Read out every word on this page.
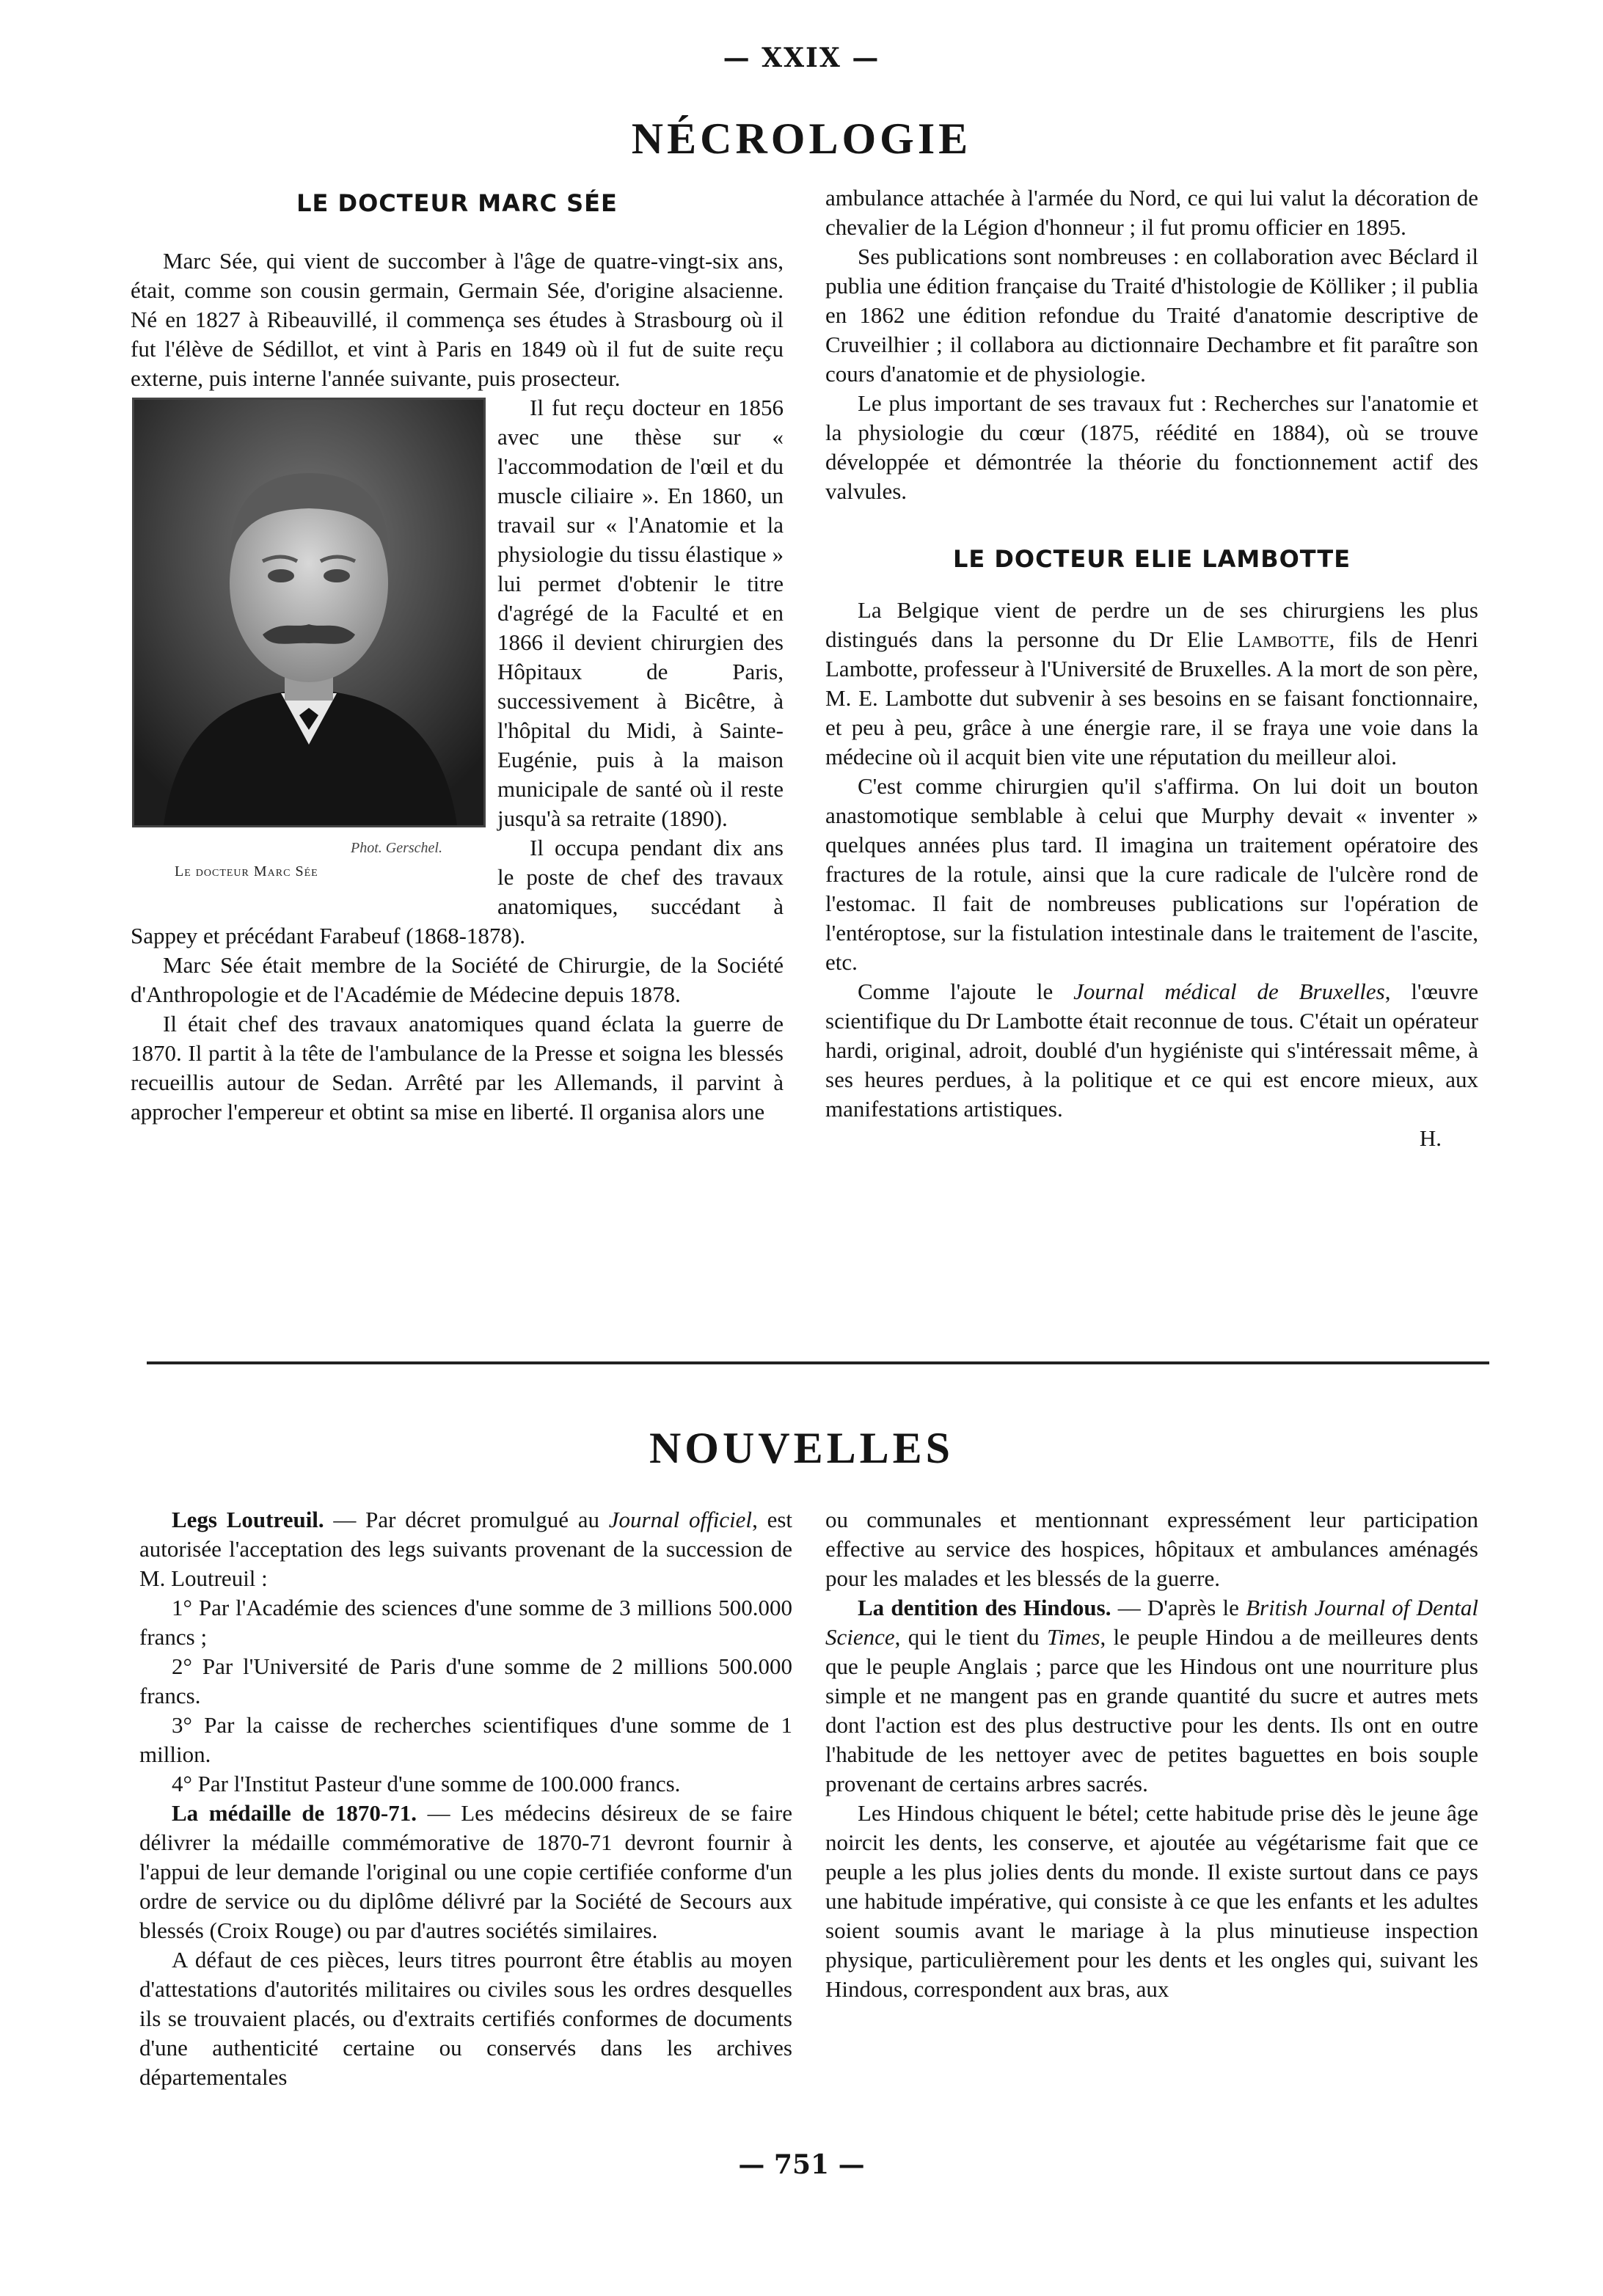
— XXIX —
NÉCROLOGIE
LE DOCTEUR MARC SÉE

Marc Sée, qui vient de succomber à l'âge de quatre-vingt-six ans, était, comme son cousin germain, Germain Sée, d'origine alsacienne. Né en 1827 à Ribeauvillé, il commença ses études à Strasbourg où il fut l'élève de Sédillot, et vint à Paris en 1849 où il fut de suite reçu externe, puis interne l'année suivante, puis prosecteur.

Phot. Gerschel.
Le docteur Marc Sée

Il fut reçu docteur en 1856 avec une thèse sur « l'accommodation de l'œil et du muscle ciliaire ». En 1860, un travail sur « l'Anatomie et la physiologie du tissu élastique » lui permet d'obtenir le titre d'agrégé de la Faculté et en 1866 il devient chirurgien des Hôpitaux de Paris, successivement à Bicêtre, à l'hôpital du Midi, à Sainte-Eugénie, puis à la maison municipale de santé où il reste jusqu'à sa retraite (1890).

Il occupa pendant dix ans le poste de chef des travaux anatomiques, succédant à Sappey et précédant Farabeuf (1868-1878).

Marc Sée était membre de la Société de Chirurgie, de la Société d'Anthropologie et de l'Académie de Médecine depuis 1878.

Il était chef des travaux anatomiques quand éclata la guerre de 1870. Il partit à la tête de l'ambulance de la Presse et soigna les blessés recueillis autour de Sedan. Arrêté par les Allemands, il parvint à approcher l'empereur et obtint sa mise en liberté. Il organisa alors une

ambulance attachée à l'armée du Nord, ce qui lui valut la décoration de chevalier de la Légion d'honneur ; il fut promu officier en 1895.

Ses publications sont nombreuses : en collaboration avec Béclard il publia une édition française du Traité d'histologie de Kölliker ; il publia en 1862 une édition refondue du Traité d'anatomie descriptive de Cruveilhier ; il collabora au dictionnaire Dechambre et fit paraître son cours d'anatomie et de physiologie.

Le plus important de ses travaux fut : Recherches sur l'anatomie et la physiologie du cœur (1875, réédité en 1884), où se trouve développée et démontrée la théorie du fonctionnement actif des valvules.

LE DOCTEUR ELIE LAMBOTTE

La Belgique vient de perdre un de ses chirurgiens les plus distingués dans la personne du Dr Elie Lambotte, fils de Henri Lambotte, professeur à l'Université de Bruxelles. A la mort de son père, M. E. Lambotte dut subvenir à ses besoins en se faisant fonctionnaire, et peu à peu, grâce à une énergie rare, il se fraya une voie dans la médecine où il acquit bien vite une réputation du meilleur aloi.

C'est comme chirurgien qu'il s'affirma. On lui doit un bouton anastomotique semblable à celui que Murphy devait « inventer » quelques années plus tard. Il imagina un traitement opératoire des fractures de la rotule, ainsi que la cure radicale de l'ulcère rond de l'estomac. Il fait de nombreuses publications sur l'opération de l'entéroptose, sur la fistulation intestinale dans le traitement de l'ascite, etc.

Comme l'ajoute le Journal médical de Bruxelles, l'œuvre scientifique du Dr Lambotte était reconnue de tous. C'était un opérateur hardi, original, adroit, doublé d'un hygiéniste qui s'intéressait même, à ses heures perdues, à la politique et ce qui est encore mieux, aux manifestations artistiques.

H.
NOUVELLES

Legs Loutreuil. — Par décret promulgué au Journal officiel, est autorisée l'acceptation des legs suivants provenant de la succession de M. Loutreuil :

1° Par l'Académie des sciences d'une somme de 3 millions 500.000 francs ;

2° Par l'Université de Paris d'une somme de 2 millions 500.000 francs.

3° Par la caisse de recherches scientifiques d'une somme de 1 million.

4° Par l'Institut Pasteur d'une somme de 100.000 francs.

La médaille de 1870-71. — Les médecins désireux de se faire délivrer la médaille commémorative de 1870-71 devront fournir à l'appui de leur demande l'original ou une copie certifiée conforme d'un ordre de service ou du diplôme délivré par la Société de Secours aux blessés (Croix Rouge) ou par d'autres sociétés similaires.

A défaut de ces pièces, leurs titres pourront être établis au moyen d'attestations d'autorités militaires ou civiles sous les ordres desquelles ils se trouvaient placés, ou d'extraits certifiés conformes de documents d'une authenticité certaine ou conservés dans les archives départementales

ou communales et mentionnant expressément leur participation effective au service des hospices, hôpitaux et ambulances aménagés pour les malades et les blessés de la guerre.

La dentition des Hindous. — D'après le British Journal of Dental Science, qui le tient du Times, le peuple Hindou a de meilleures dents que le peuple Anglais ; parce que les Hindous ont une nourriture plus simple et ne mangent pas en grande quantité du sucre et autres mets dont l'action est des plus destructive pour les dents. Ils ont en outre l'habitude de les nettoyer avec de petites baguettes en bois souple provenant de certains arbres sacrés.

Les Hindous chiquent le bétel; cette habitude prise dès le jeune âge noircit les dents, les conserve, et ajoutée au végétarisme fait que ce peuple a les plus jolies dents du monde. Il existe surtout dans ce pays une habitude impérative, qui consiste à ce que les enfants et les adultes soient soumis avant le mariage à la plus minutieuse inspection physique, particulièrement pour les dents et les ongles qui, suivant les Hindous, correspondent aux bras, aux

— 751 —
